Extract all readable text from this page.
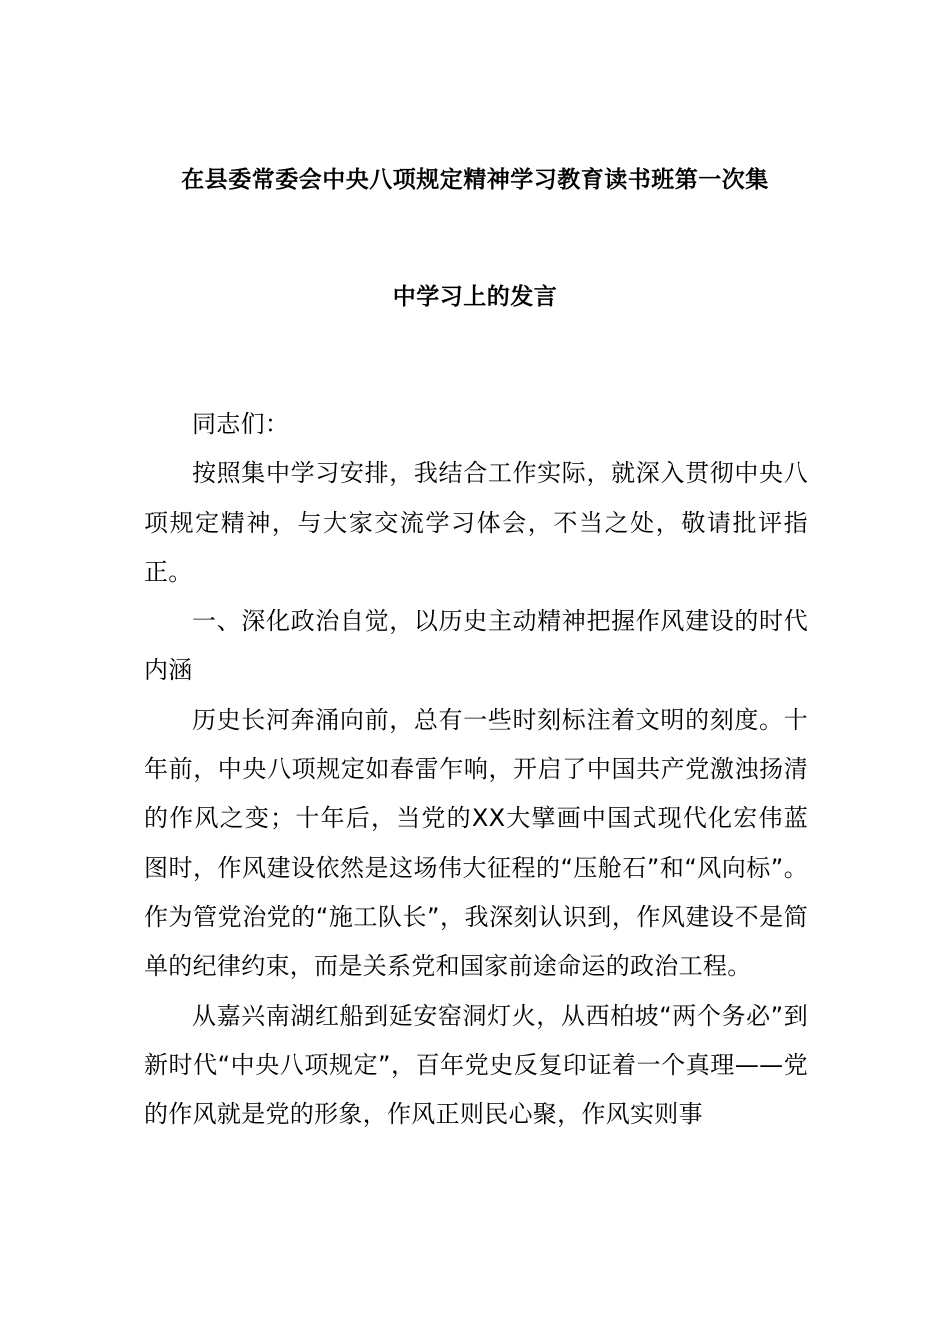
在县委常委会中央八项规定精神学习教育读书班第一次集
中学习上的发言

同志们：

按照集中学习安排，我结合工作实际，就深入贯彻中央八项规定精神，与大家交流学习体会，不当之处，敬请批评指正。

一、深化政治自觉，以历史主动精神把握作风建设的时代内涵

历史长河奔涌向前，总有一些时刻标注着文明的刻度。十年前，中央八项规定如春雷乍响，开启了中国共产党激浊扬清的作风之变；十年后，当党的XX大擘画中国式现代化宏伟蓝图时，作风建设依然是这场伟大征程的“压舱石”和“风向标”。作为管党治党的“施工队长”，我深刻认识到，作风建设不是简单的纪律约束，而是关系党和国家前途命运的政治工程。

从嘉兴南湖红船到延安窑洞灯火，从西柏坡“两个务必”到新时代“中央八项规定”，百年党史反复印证着一个真理——党的作风就是党的形象，作风正则民心聚，作风实则事
